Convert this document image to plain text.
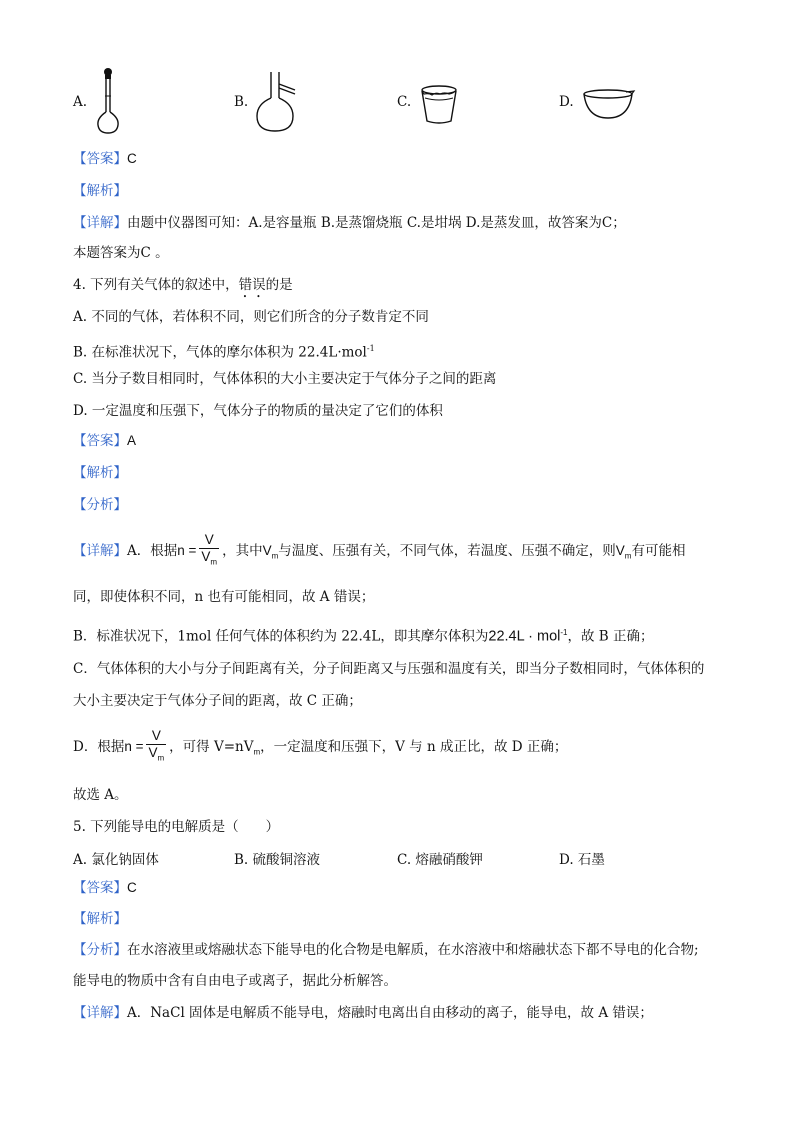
A.	B.	C.	D.
【答案】C
【解析】
【详解】由题中仪器图可知：A.是容量瓶 B.是蒸馏烧瓶 C.是坩埚 D.是蒸发皿，故答案为C；
本题答案为C 。
4. 下列有关气体的叙述中，错误的是
A. 不同的气体，若体积不同，则它们所含的分子数肯定不同
B. 在标准状况下，气体的摩尔体积为 22.4L·mol$^{-1}$
C. 当分子数目相同时，气体体积的大小主要决定于气体分子之间的距离
D. 一定温度和压强下，气体分子的物质的量决定了它们的体积
【答案】A
【解析】
【分析】
【详解】A．根据$n = \frac{V}{V_m}$ ，其中$V_m$与温度、压强有关，不同气体，若温度、压强不确定，则$V_m$有可能相
同，即使体积不同，n 也有可能相同，故 A 错误；
B．标准状况下，1mol 任何气体的体积约为 22.4L，即其摩尔体积为22.4L · mol$^{-1}$，故 B 正确；
C．气体体积的大小与分子间距离有关，分子间距离又与压强和温度有关，即当分子数相同时，气体体积的
大小主要决定于气体分子间的距离，故 C 正确；
D．根据$n = \frac{V}{V_m}$ ，可得 $V=nV_m$，一定温度和压强下，V 与 n 成正比，故 D 正确；
故选 A。
5. 下列能导电的电解质是（　　）
A. 氯化钠固体	B. 硫酸铜溶液	C. 熔融硝酸钾	D. 石墨
【答案】C
【解析】
【分析】在水溶液里或熔融状态下能导电的化合物是电解质，在水溶液中和熔融状态下都不导电的化合物;
能导电的物质中含有自由电子或离子，据此分析解答。
【详解】A．NaCl 固体是电解质不能导电，熔融时电离出自由移动的离子，能导电，故 A 错误；
